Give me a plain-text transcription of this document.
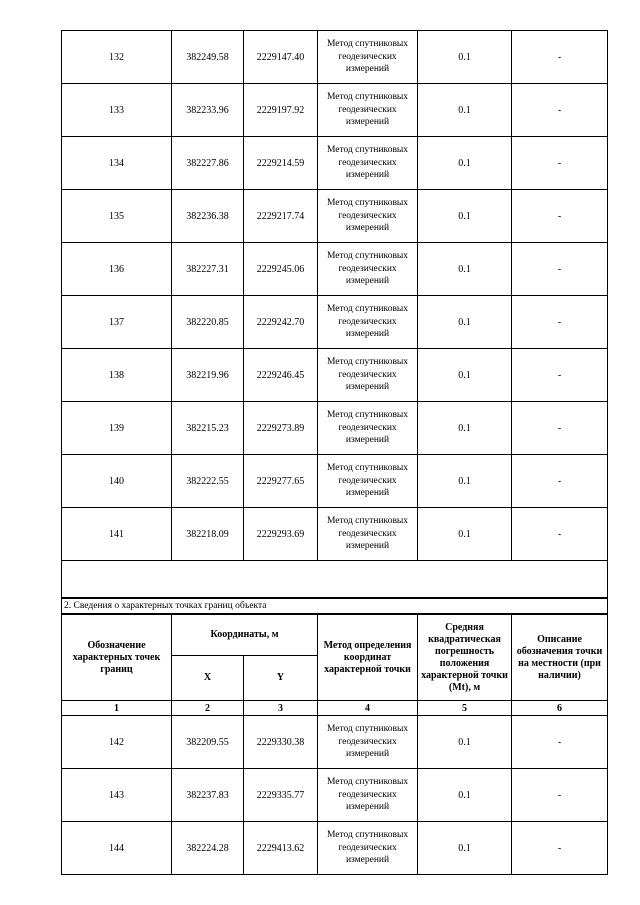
132	382249.58	2229147.40	Метод спутниковых геодезических измерений	0.1	-
133	382233.96	2229197.92	Метод спутниковых геодезических измерений	0.1	-
134	382227.86	2229214.59	Метод спутниковых геодезических измерений	0.1	-
135	382236.38	2229217.74	Метод спутниковых геодезических измерений	0.1	-
136	382227.31	2229245.06	Метод спутниковых геодезических измерений	0.1	-
137	382220.85	2229242.70	Метод спутниковых геодезических измерений	0.1	-
138	382219.96	2229246.45	Метод спутниковых геодезических измерений	0.1	-
139	382215.23	2229273.89	Метод спутниковых геодезических измерений	0.1	-
140	382222.55	2229277.65	Метод спутниковых геодезических измерений	0.1	-
141	382218.09	2229293.69	Метод спутниковых геодезических измерений	0.1	-

2. Сведения о характерных точках границ объекта					
Обозначение характерных точек границ	Координаты, м		Метод определения координат характерной точки	Средняя квадратическая погрешность положения характерной точки (Mt), м	Описание обозначения точки на местности (при наличии)
	X	Y			
1	2	3	4	5	6
142	382209.55	2229330.38	Метод спутниковых геодезических измерений	0.1	-
143	382237.83	2229335.77	Метод спутниковых геодезических измерений	0.1	-
144	382224.28	2229413.62	Метод спутниковых геодезических измерений	0.1	-
